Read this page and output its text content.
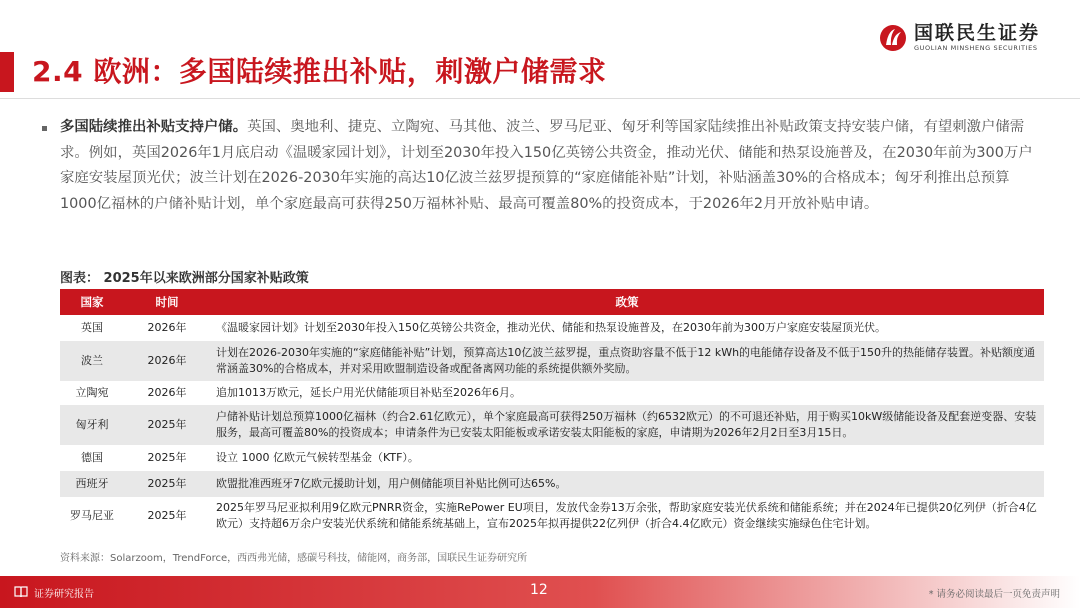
2.4 欧洲：多国陆续推出补贴，刺激户储需求
国联民生证券
GUOLIAN MINSHENG SECURITIES
多国陆续推出补贴支持户储。英国、奥地利、捷克、立陶宛、马其他、波兰、罗马尼亚、匈牙利等国家陆续推出补贴政策支持安装户储，有望刺激户储需求。例如，英国2026年1月底启动《温暖家园计划》，计划至2030年投入150亿英镑公共资金，推动光伏、储能和热泵设施普及，在2030年前为300万户家庭安装屋顶光伏；波兰计划在2026-2030年实施的高达10亿波兰兹罗提预算的“家庭储能补贴”计划，补贴涵盖30%的合格成本；匈牙利推出总预算1000亿福林的户储补贴计划，单个家庭最高可获得250万福林补贴、最高可覆盖80%的投资成本，于2026年2月开放补贴申请。
图表： 2025年以来欧洲部分国家补贴政策
国家	时间	政策
英国	2026年	《温暖家园计划》计划至2030年投入150亿英镑公共资金，推动光伏、储能和热泵设施普及，在2030年前为300万户家庭安装屋顶光伏。
波兰	2026年	计划在2026-2030年实施的“家庭储能补贴”计划，预算高达10亿波兰兹罗提，重点资助容量不低于12 kWh的电能储存设备及不低于150升的热能储存装置。补贴额度通常涵盖30%的合格成本，并对采用欧盟制造设备或配备离网功能的系统提供额外奖励。
立陶宛	2026年	追加1013万欧元，延长户用光伏储能项目补贴至2026年6月。
匈牙利	2025年	户储补贴计划总预算1000亿福林（约合2.61亿欧元），单个家庭最高可获得250万福林（约6532欧元）的不可退还补贴，用于购买10kW级储能设备及配套逆变器、安装服务，最高可覆盖80%的投资成本；申请条件为已安装太阳能板或承诺安装太阳能板的家庭，申请期为2026年2月2日至3月15日。
德国	2025年	设立 1000 亿欧元气候转型基金（KTF）。
西班牙	2025年	欧盟批准西班牙7亿欧元援助计划，用户侧储能项目补贴比例可达65%。
罗马尼亚	2025年	2025年罗马尼亚拟利用9亿欧元PNRR资金，实施RePower EU项目，发放代金券13万余张，帮助家庭安装光伏系统和储能系统；并在2024年已提供20亿列伊（折合4亿欧元）支持超6万余户安装光伏系统和储能系统基础上，宣布2025年拟再提供22亿列伊（折合4.4亿欧元）资金继续实施绿色住宅计划。
资料来源：Solarzoom，TrendForce，西西弗光储，感碳号科技，储能网，商务部，国联民生证券研究所
证券研究报告	12	* 请务必阅读最后一页免责声明
